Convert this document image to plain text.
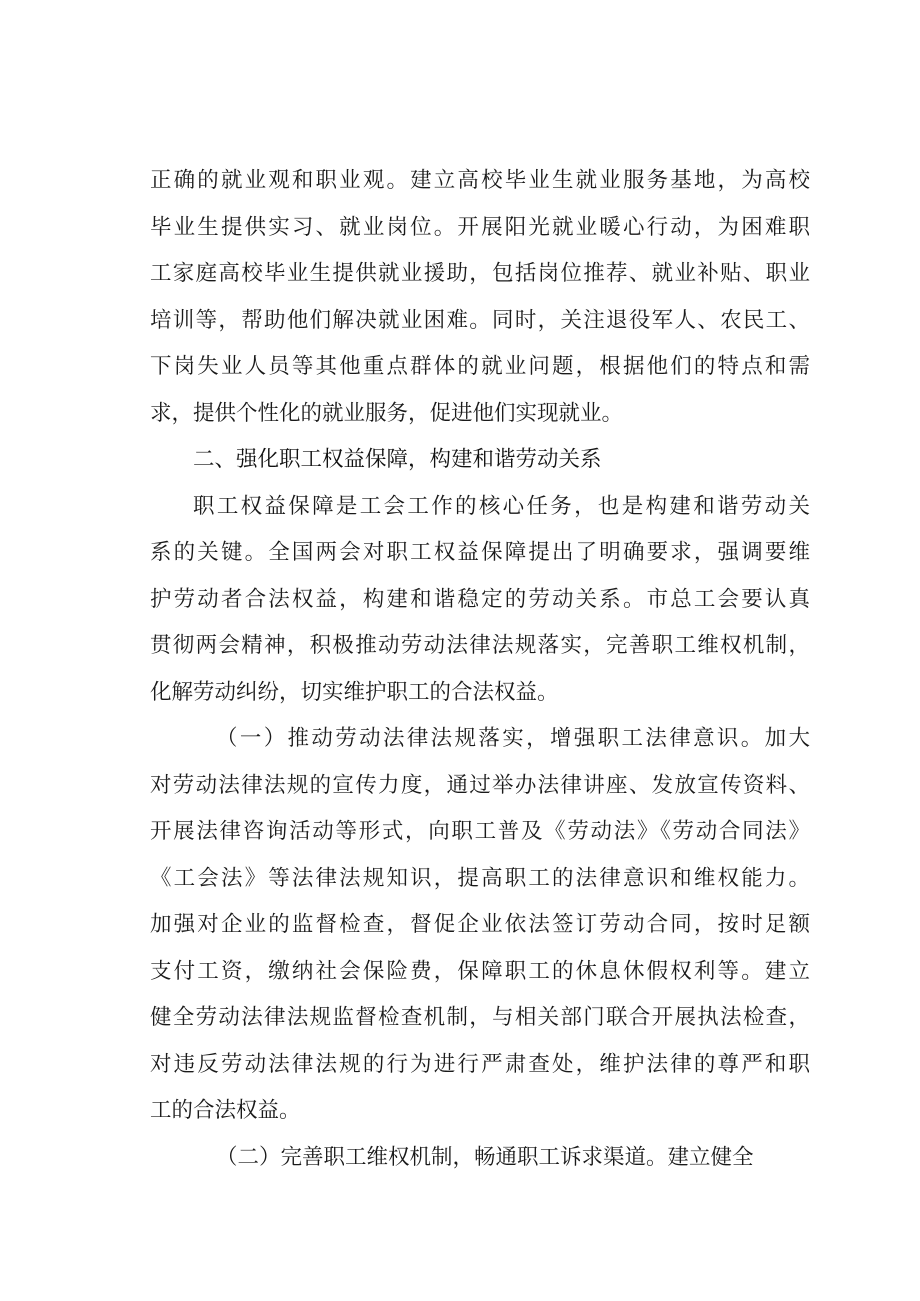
正确的就业观和职业观。建立高校毕业生就业服务基地，为高校
毕业生提供实习、就业岗位。开展阳光就业暖心行动，为困难职
工家庭高校毕业生提供就业援助，包括岗位推荐、就业补贴、职业
培训等，帮助他们解决就业困难。同时，关注退役军人、农民工、
下岗失业人员等其他重点群体的就业问题，根据他们的特点和需
求，提供个性化的就业服务，促进他们实现就业。
二、强化职工权益保障，构建和谐劳动关系
职工权益保障是工会工作的核心任务，也是构建和谐劳动关
系的关键。全国两会对职工权益保障提出了明确要求，强调要维
护劳动者合法权益，构建和谐稳定的劳动关系。市总工会要认真
贯彻两会精神，积极推动劳动法律法规落实，完善职工维权机制，
化解劳动纠纷，切实维护职工的合法权益。
（一）推动劳动法律法规落实，增强职工法律意识。加大
对劳动法律法规的宣传力度，通过举办法律讲座、发放宣传资料、
开展法律咨询活动等形式，向职工普及《劳动法》《劳动合同法》
《工会法》等法律法规知识，提高职工的法律意识和维权能力。
加强对企业的监督检查，督促企业依法签订劳动合同，按时足额
支付工资，缴纳社会保险费，保障职工的休息休假权利等。建立
健全劳动法律法规监督检查机制，与相关部门联合开展执法检查，
对违反劳动法律法规的行为进行严肃查处，维护法律的尊严和职
工的合法权益。
（二）完善职工维权机制，畅通职工诉求渠道。建立健全
